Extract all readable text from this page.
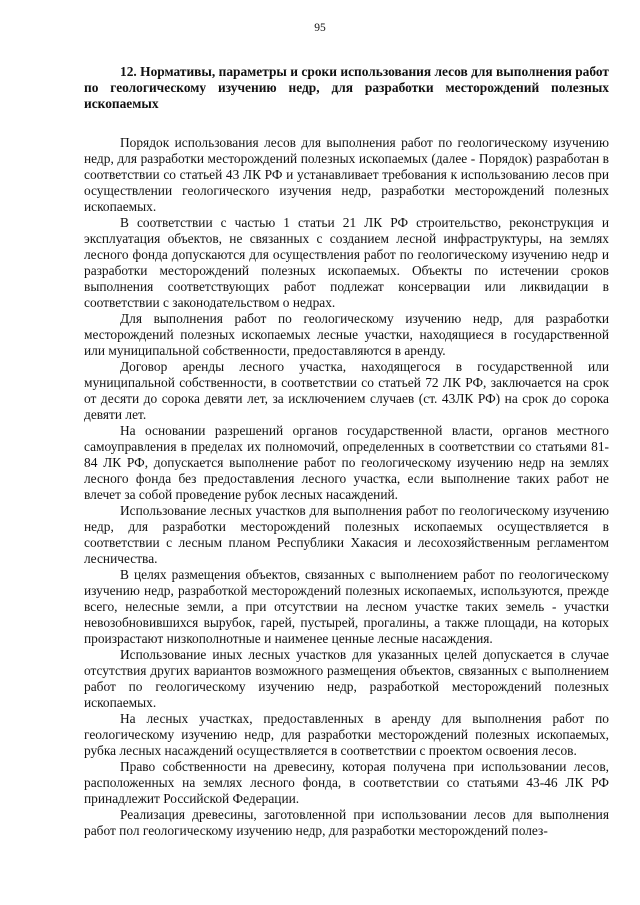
95
12. Нормативы, параметры и сроки использования лесов для выполнения работ по геологическому изучению недр, для разработки месторождений полезных ископаемых

Порядок использования лесов для выполнения работ по геологическому изучению недр, для разработки месторождений полезных ископаемых (далее - Порядок) разработан в соответствии со статьей 43 ЛК РФ и устанавливает требования к использованию лесов при осуществлении геологического изучения недр, разработки месторождений полезных ископаемых.

В соответствии с частью 1 статьи 21 ЛК РФ строительство, реконструкция и эксплуатация объектов, не связанных с созданием лесной инфраструктуры, на землях лесного фонда допускаются для осуществления работ по геологическому изучению недр и разработки месторождений полезных ископаемых. Объекты по истечении сроков выполнения соответствующих работ подлежат консервации или ликвидации в соответствии с законодательством о недрах.

Для выполнения работ по геологическому изучению недр, для разработки месторождений полезных ископаемых лесные участки, находящиеся в государственной или муниципальной собственности, предоставляются в аренду.

Договор аренды лесного участка, находящегося в государственной или муниципальной собственности, в соответствии со статьей 72 ЛК РФ, заключается на срок от десяти до сорока девяти лет, за исключением случаев (ст. 43ЛК РФ) на срок до сорока девяти лет.

На основании разрешений органов государственной власти, органов местного самоуправления в пределах их полномочий, определенных в соответствии со статьями 81-84 ЛК РФ, допускается выполнение работ по геологическому изучению недр на землях лесного фонда без предоставления лесного участка, если выполнение таких работ не влечет за собой проведение рубок лесных насаждений.

Использование лесных участков для выполнения работ по геологическому изучению недр, для разработки месторождений полезных ископаемых осуществляется в соответствии с лесным планом Республики Хакасия и лесохозяйственным регламентом лесничества.

В целях размещения объектов, связанных с выполнением работ по геологическому изучению недр, разработкой месторождений полезных ископаемых, используются, прежде всего, нелесные земли, а при отсутствии на лесном участке таких земель - участки невозобновившихся вырубок, гарей, пустырей, прогалины, а также площади, на которых произрастают низкополнотные и наименее ценные лесные насаждения.

Использование иных лесных участков для указанных целей допускается в случае отсутствия других вариантов возможного размещения объектов, связанных с выполнением работ по геологическому изучению недр, разработкой месторождений полезных ископаемых.

На лесных участках, предоставленных в аренду для выполнения работ по геологическому изучению недр, для разработки месторождений полезных ископаемых, рубка лесных насаждений осуществляется в соответствии с проектом освоения лесов.

Право собственности на древесину, которая получена при использовании лесов, расположенных на землях лесного фонда, в соответствии со статьями 43-46 ЛК РФ принадлежит Российской Федерации.

Реализация древесины, заготовленной при использовании лесов для выполнения работ пол геологическому изучению недр, для разработки месторождений полез-
